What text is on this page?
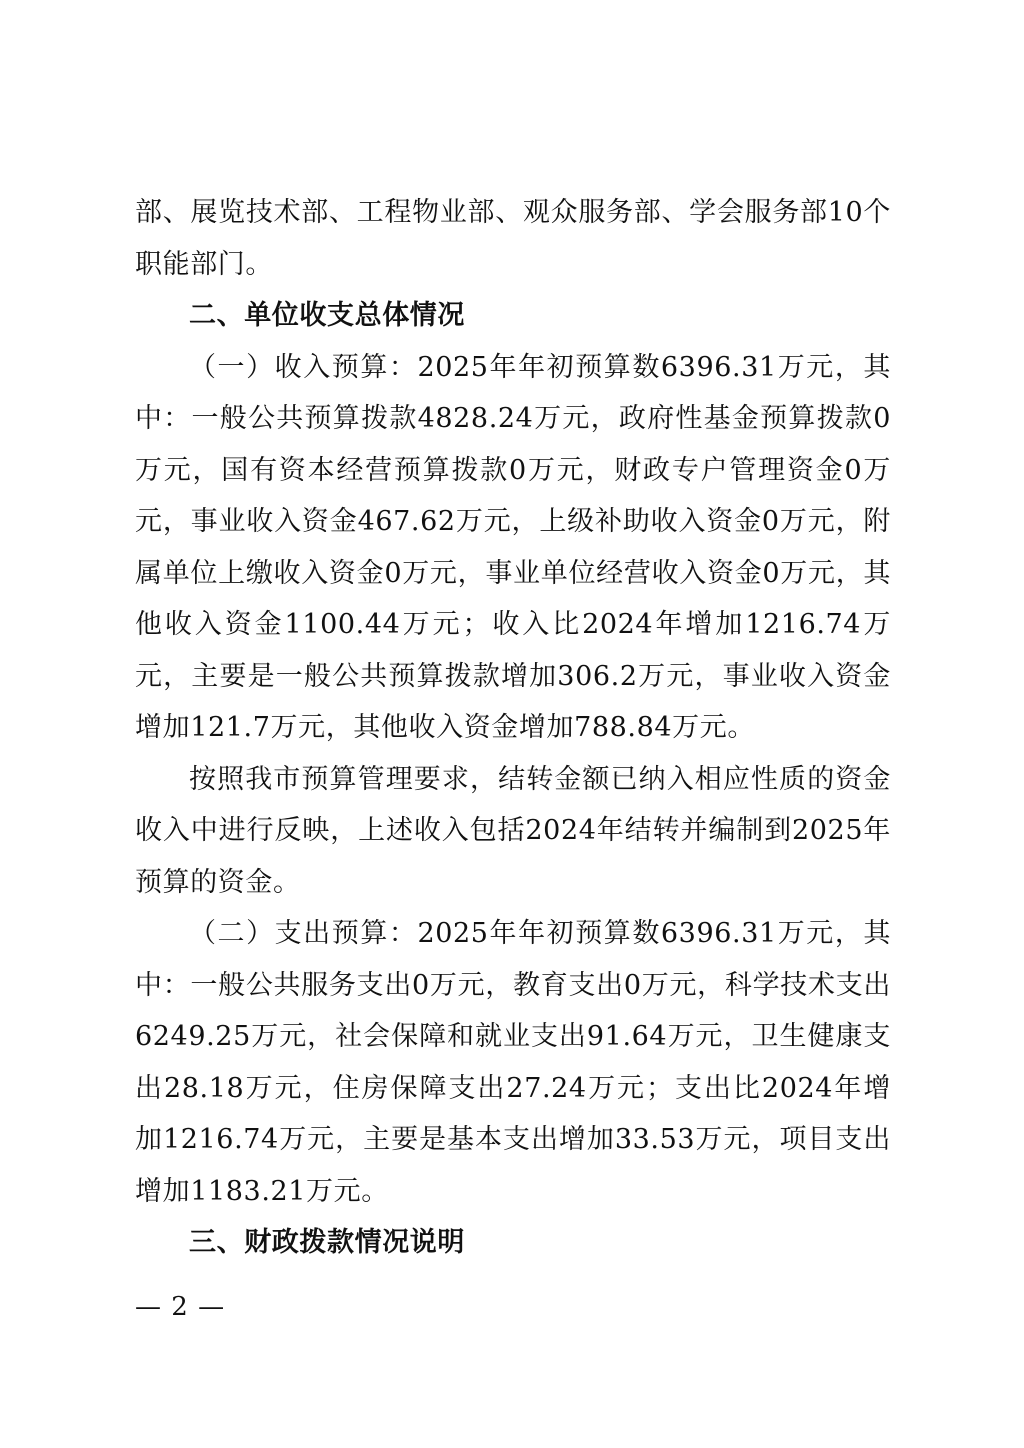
部、展览技术部、工程物业部、观众服务部、学会服务部10个职能部门。

二、单位收支总体情况

（一）收入预算：2025年年初预算数6396.31万元，其中：一般公共预算拨款4828.24万元，政府性基金预算拨款0万元，国有资本经营预算拨款0万元，财政专户管理资金0万元，事业收入资金467.62万元，上级补助收入资金0万元，附属单位上缴收入资金0万元，事业单位经营收入资金0万元，其他收入资金1100.44万元；收入比2024年增加1216.74万元，主要是一般公共预算拨款增加306.2万元，事业收入资金增加121.7万元，其他收入资金增加788.84万元。

按照我市预算管理要求，结转金额已纳入相应性质的资金收入中进行反映，上述收入包括2024年结转并编制到2025年预算的资金。

（二）支出预算：2025年年初预算数6396.31万元，其中：一般公共服务支出0万元，教育支出0万元，科学技术支出6249.25万元，社会保障和就业支出91.64万元，卫生健康支出28.18万元，住房保障支出27.24万元；支出比2024年增加1216.74万元，主要是基本支出增加33.53万元，项目支出增加1183.21万元。

三、财政拨款情况说明

— 2 —
